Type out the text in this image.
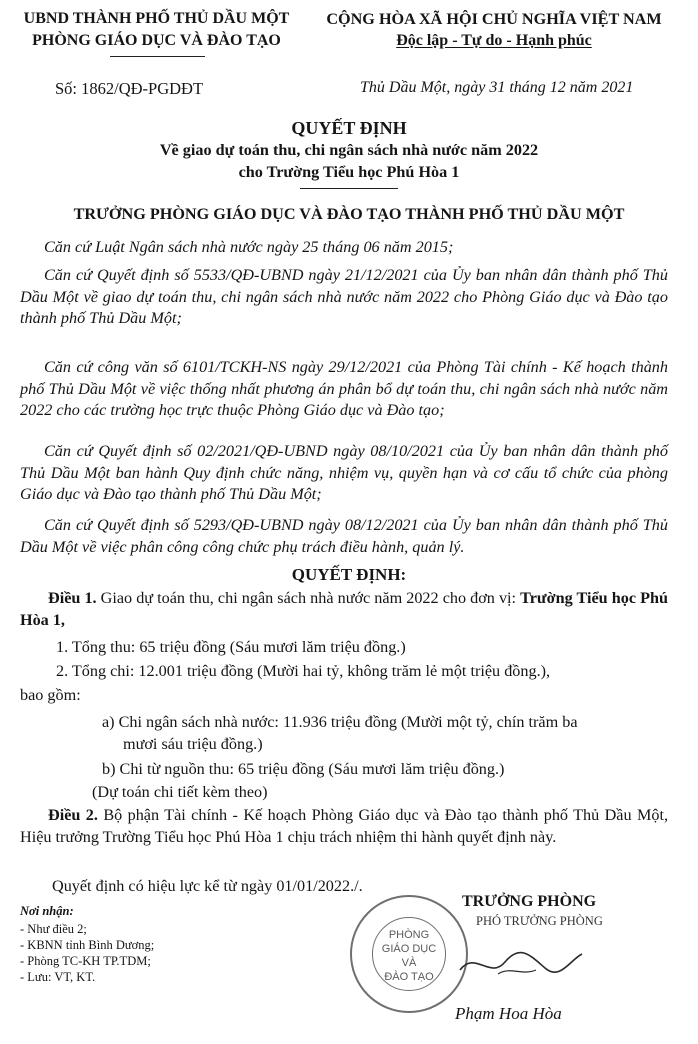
UBND THÀNH PHỐ THỦ DẦU MỘT
PHÒNG GIÁO DỤC VÀ ĐÀO TẠO
CỘNG HÒA XÃ HỘI CHỦ NGHĨA VIỆT NAM
Độc lập - Tự do - Hạnh phúc
Số: 1862/QĐ-PGDĐT	Thủ Dầu Một, ngày 31 tháng 12 năm 2021
QUYẾT ĐỊNH
Về giao dự toán thu, chi ngân sách nhà nước năm 2022
cho Trường Tiểu học Phú Hòa 1
TRƯỞNG PHÒNG GIÁO DỤC VÀ ĐÀO TẠO THÀNH PHỐ THỦ DẦU MỘT
Căn cứ Luật Ngân sách nhà nước ngày 25 tháng 06 năm 2015;
Căn cứ Quyết định số 5533/QĐ-UBND ngày 21/12/2021 của Ủy ban nhân dân thành phố Thủ Dầu Một về giao dự toán thu, chi ngân sách nhà nước năm 2022 cho Phòng Giáo dục và Đào tạo thành phố Thủ Dầu Một;
Căn cứ công văn số 6101/TCKH-NS ngày 29/12/2021 của Phòng Tài chính - Kế hoạch thành phố Thủ Dầu Một về việc thống nhất phương án phân bổ dự toán thu, chi ngân sách nhà nước năm 2022 cho các trường học trực thuộc Phòng Giáo dục và Đào tạo;
Căn cứ Quyết định số 02/2021/QĐ-UBND ngày 08/10/2021 của Ủy ban nhân dân thành phố Thủ Dầu Một ban hành Quy định chức năng, nhiệm vụ, quyền hạn và cơ cấu tổ chức của phòng Giáo dục và Đào tạo thành phố Thủ Dầu Một;
Căn cứ Quyết định số 5293/QĐ-UBND ngày 08/12/2021 của Ủy ban nhân dân thành phố Thủ Dầu Một về việc phân công công chức phụ trách điều hành, quản lý.
QUYẾT ĐỊNH:
Điều 1. Giao dự toán thu, chi ngân sách nhà nước năm 2022 cho đơn vị: Trường Tiểu học Phú Hòa 1,
1. Tổng thu: 65 triệu đồng (Sáu mươi lăm triệu đồng.)
2. Tổng chi: 12.001 triệu đồng (Mười hai tỷ, không trăm lẻ một triệu đồng.),
bao gồm:
a) Chi ngân sách nhà nước: 11.936 triệu đồng (Mười một tỷ, chín trăm ba
mươi sáu triệu đồng.)
b) Chi từ nguồn thu: 65 triệu đồng (Sáu mươi lăm triệu đồng.)
(Dự toán chi tiết kèm theo)
Điều 2. Bộ phận Tài chính - Kế hoạch Phòng Giáo dục và Đào tạo thành phố Thủ Dầu Một, Hiệu trưởng Trường Tiểu học Phú Hòa 1 chịu trách nhiệm thi hành quyết định này.
Quyết định có hiệu lực kể từ ngày 01/01/2022./.
Nơi nhận:
- Như điều 2;
- KBNN tỉnh Bình Dương;
- Phòng TC-KH TP.TDM;
- Lưu: VT, KT.
PHÒNG
GIÁO DỤC
VÀ
ĐÀO TẠO
TRƯỞNG PHÒNG
PHÓ TRƯỞNG PHÒNG
Phạm Hoa Hòa
